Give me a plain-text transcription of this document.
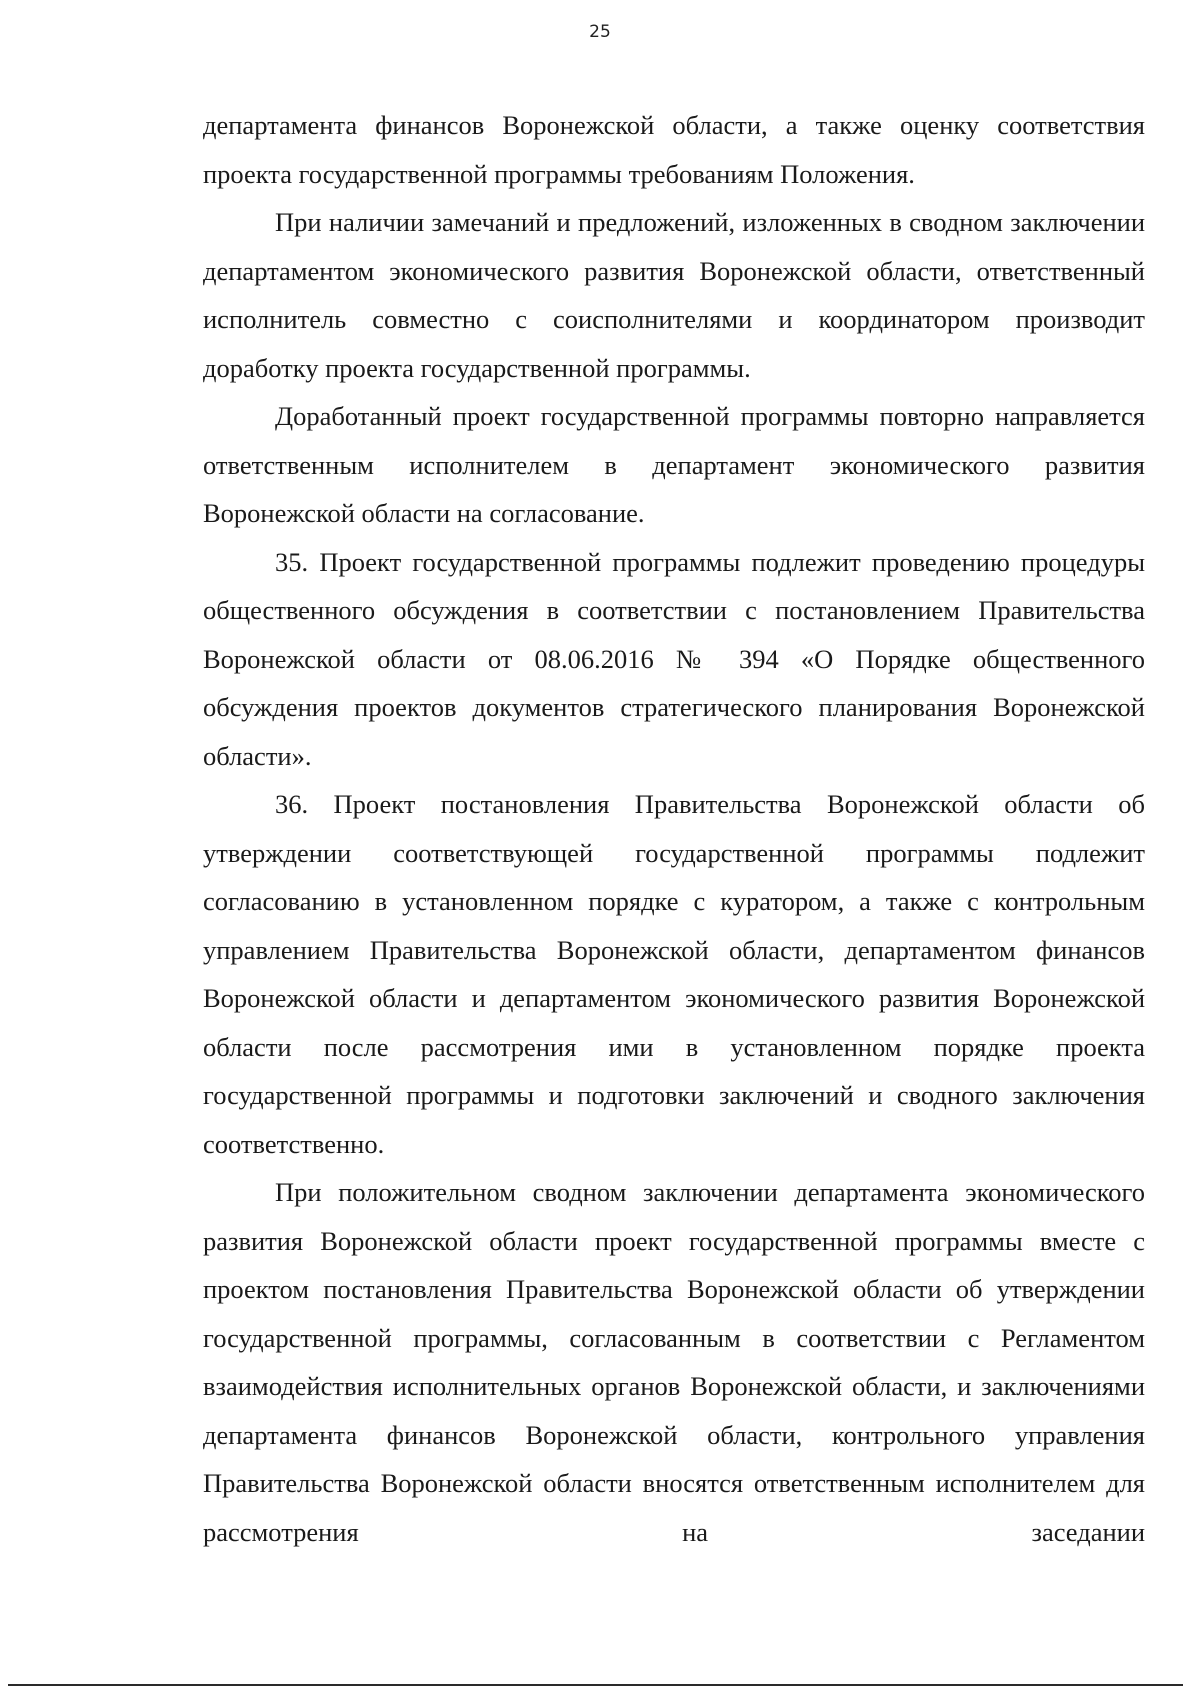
25

департамента финансов Воронежской области, а также оценку соответствия проекта государственной программы требованиям Положения.

При наличии замечаний и предложений, изложенных в сводном заключении департаментом экономического развития Воронежской области, ответственный исполнитель совместно с соисполнителями и координатором производит доработку проекта государственной программы.

Доработанный проект государственной программы повторно направляется ответственным исполнителем в департамент экономического развития Воронежской области на согласование.

35. Проект государственной программы подлежит проведению процедуры общественного обсуждения в соответствии с постановлением Правительства Воронежской области от 08.06.2016 № 394 «О Порядке общественного обсуждения проектов документов стратегического планирования Воронежской области».

36. Проект постановления Правительства Воронежской области об утверждении соответствующей государственной программы подлежит согласованию в установленном порядке с куратором, а также с контрольным управлением Правительства Воронежской области, департаментом финансов Воронежской области и департаментом экономического развития Воронежской области после рассмотрения ими в установленном порядке проекта государственной программы и подготовки заключений и сводного заключения соответственно.

При положительном сводном заключении департамента экономического развития Воронежской области проект государственной программы вместе с проектом постановления Правительства Воронежской области об утверждении государственной программы, согласованным в соответствии с Регламентом взаимодействия исполнительных органов Воронежской области, и заключениями департамента финансов Воронежской области, контрольного управления Правительства Воронежской области вносятся ответственным исполнителем для рассмотрения на заседании
